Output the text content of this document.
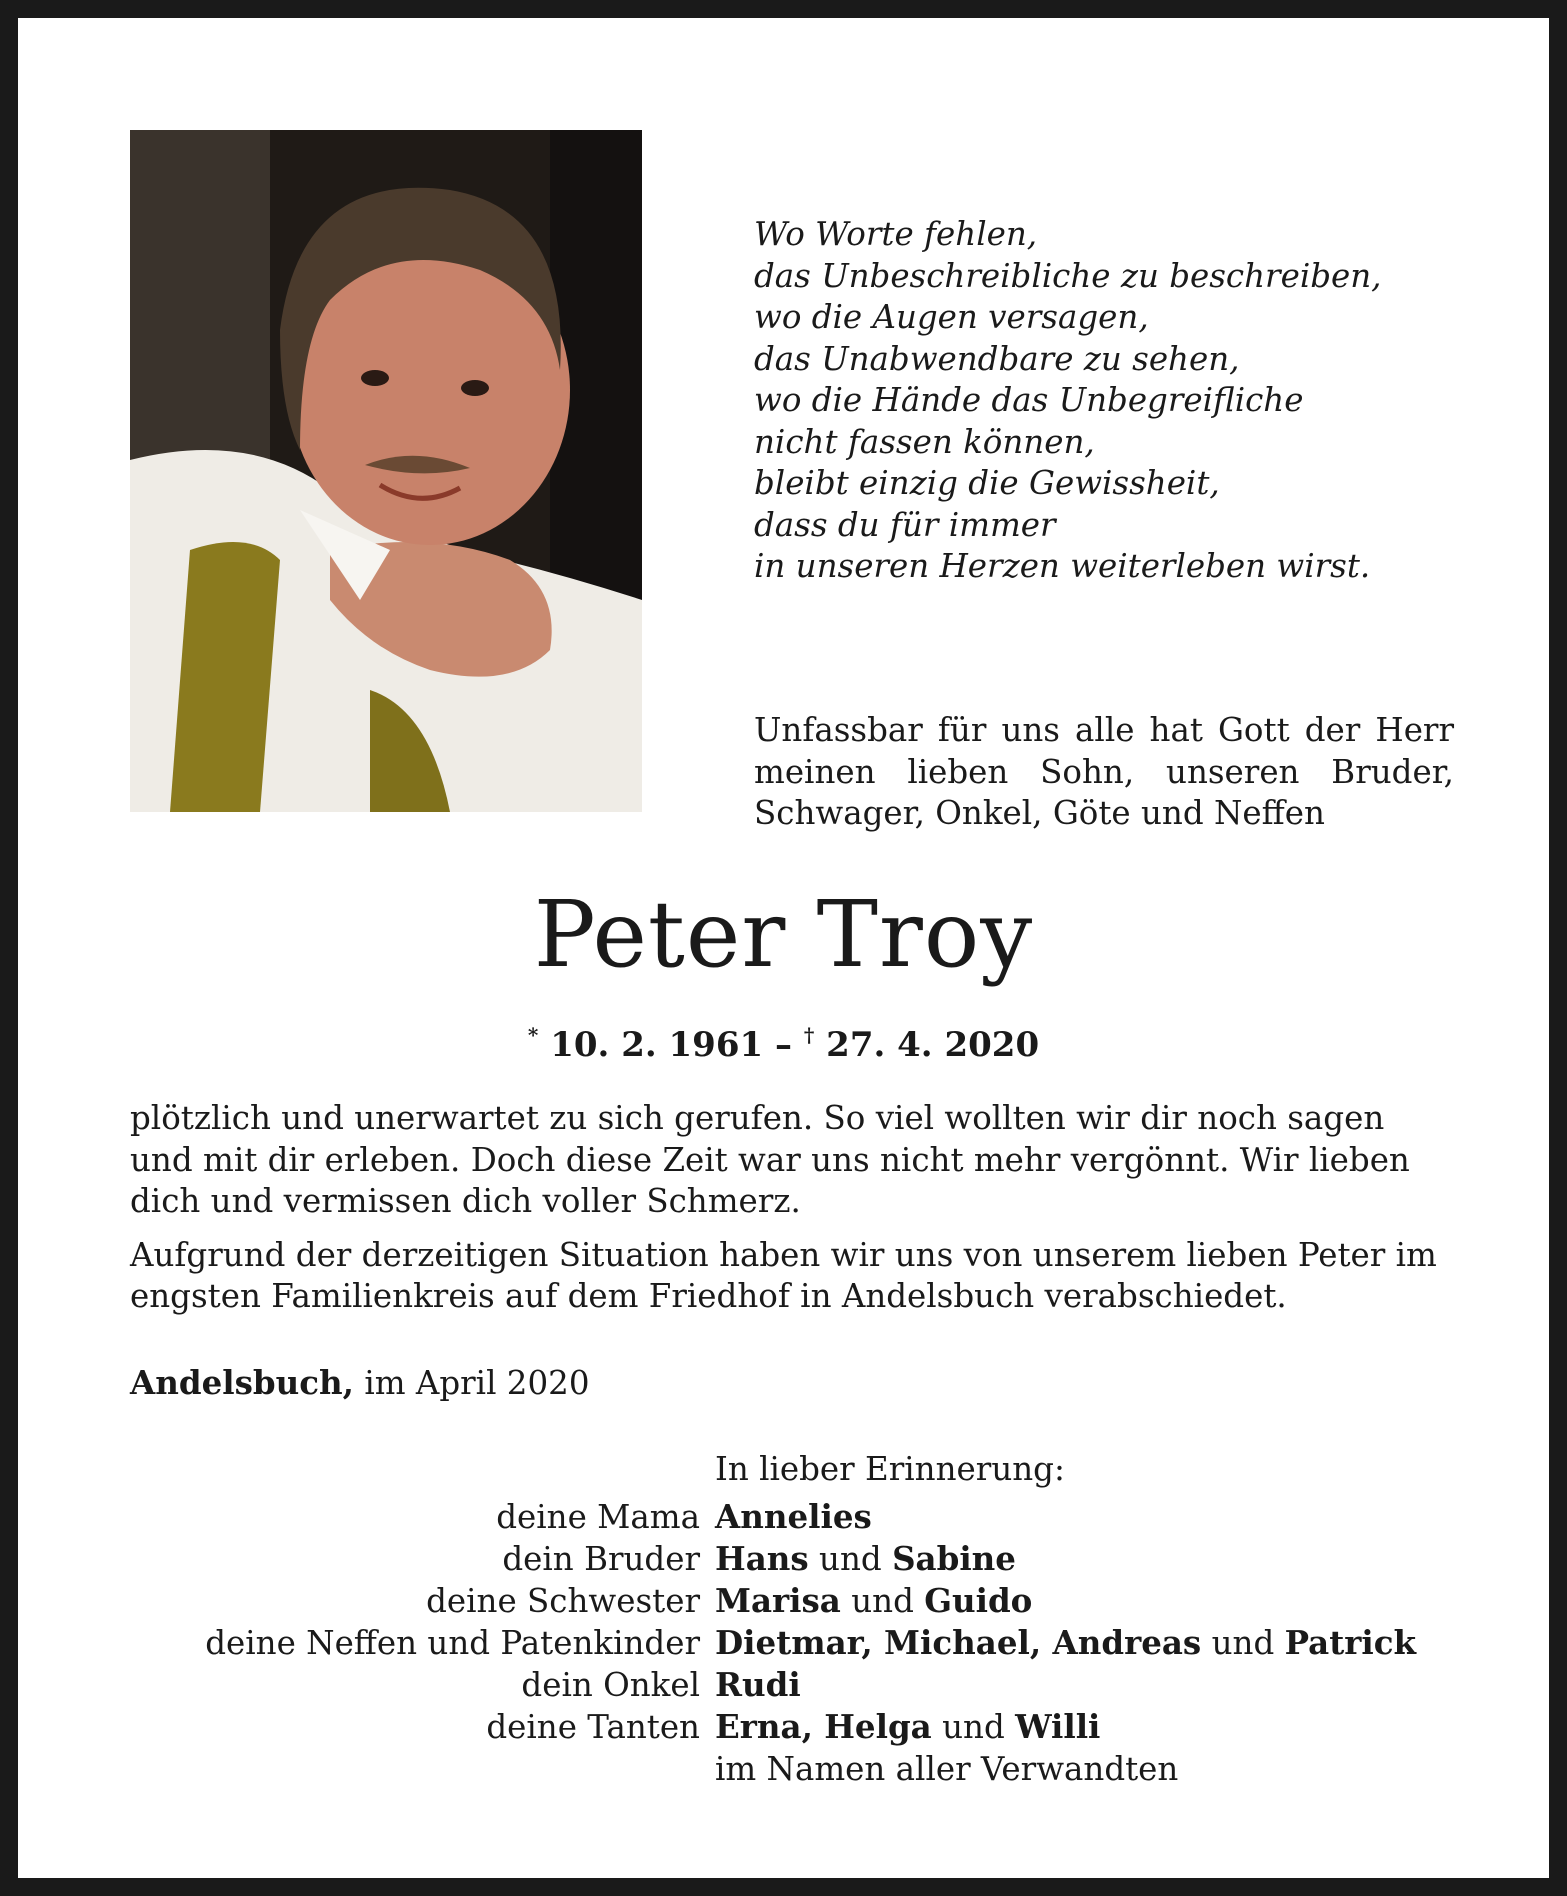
Wo Worte fehlen,
das Unbeschreibliche zu beschreiben,
wo die Augen versagen,
das Unabwendbare zu sehen,
wo die Hände das Unbegreifliche
nicht fassen können,
bleibt einzig die Gewissheit,
dass du für immer
in unseren Herzen weiterleben wirst.
Unfassbar für uns alle hat Gott der Herr
meinen lieben Sohn, unseren Bruder,
Schwager, Onkel, Göte und Neffen
Peter Troy
* 10. 2. 1961 – † 27. 4. 2020

plötzlich und unerwartet zu sich gerufen. So viel wollten wir dir noch sagen und mit dir erleben. Doch diese Zeit war uns nicht mehr vergönnt. Wir lieben dich und vermissen dich voller Schmerz.

Aufgrund der derzeitigen Situation haben wir uns von unserem lieben Peter im engsten Familienkreis auf dem Friedhof in Andelsbuch verabschiedet.

Andelsbuch, im April 2020
In lieber Erinnerung:
deine Mama Annelies
dein Bruder Hans und Sabine
deine Schwester Marisa und Guido
deine Neffen und Patenkinder Dietmar, Michael, Andreas und Patrick
dein Onkel Rudi
deine Tanten Erna, Helga und Willi
im Namen aller Verwandten
